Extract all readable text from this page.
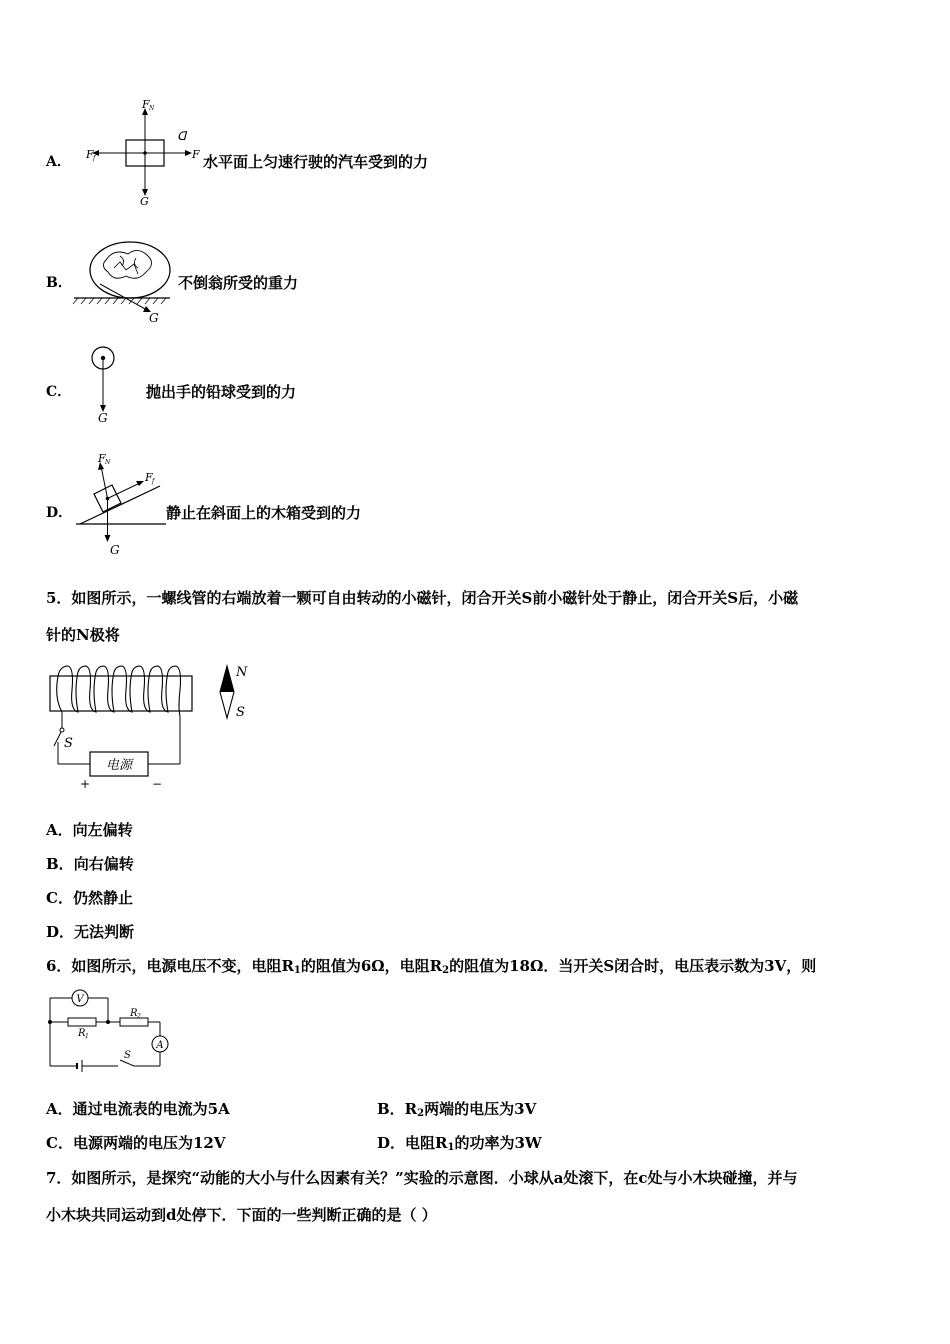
A．
F N
F f	F
G
ᗡ
水平面上匀速行驶的汽车受到的力
B．
G
不倒翁所受的重力
C．
G
抛出手的铅球受到的力
D．
F N
F f
G
静止在斜面上的木箱受到的力
5．如图所示，一螺线管的右端放着一颗可自由转动的小磁针，闭合开关S前小磁针处于静止，闭合开关S后，小磁
针的N极将
S
电源
+	−
N
S
A．向左偏转
B．向右偏转
C．仍然静止
D．无法判断
6．如图所示，电源电压不变，电阻$R_1$的阻值为6Ω，电阻$R_2$的阻值为18Ω．当开关S闭合时，电压表示数为3V，则
V
A
R 1
R 2
S
A．通过电流表的电流为5A	B．$R_2$两端的电压为3V
C．电源两端的电压为12V	D．电阻$R_1$的功率为3W
7．如图所示，是探究“动能的大小与什么因素有关？”实验的示意图．小球从a处滚下，在c处与小木块碰撞，并与
小木块共同运动到d处停下．下面的一些判断正确的是（ ）
